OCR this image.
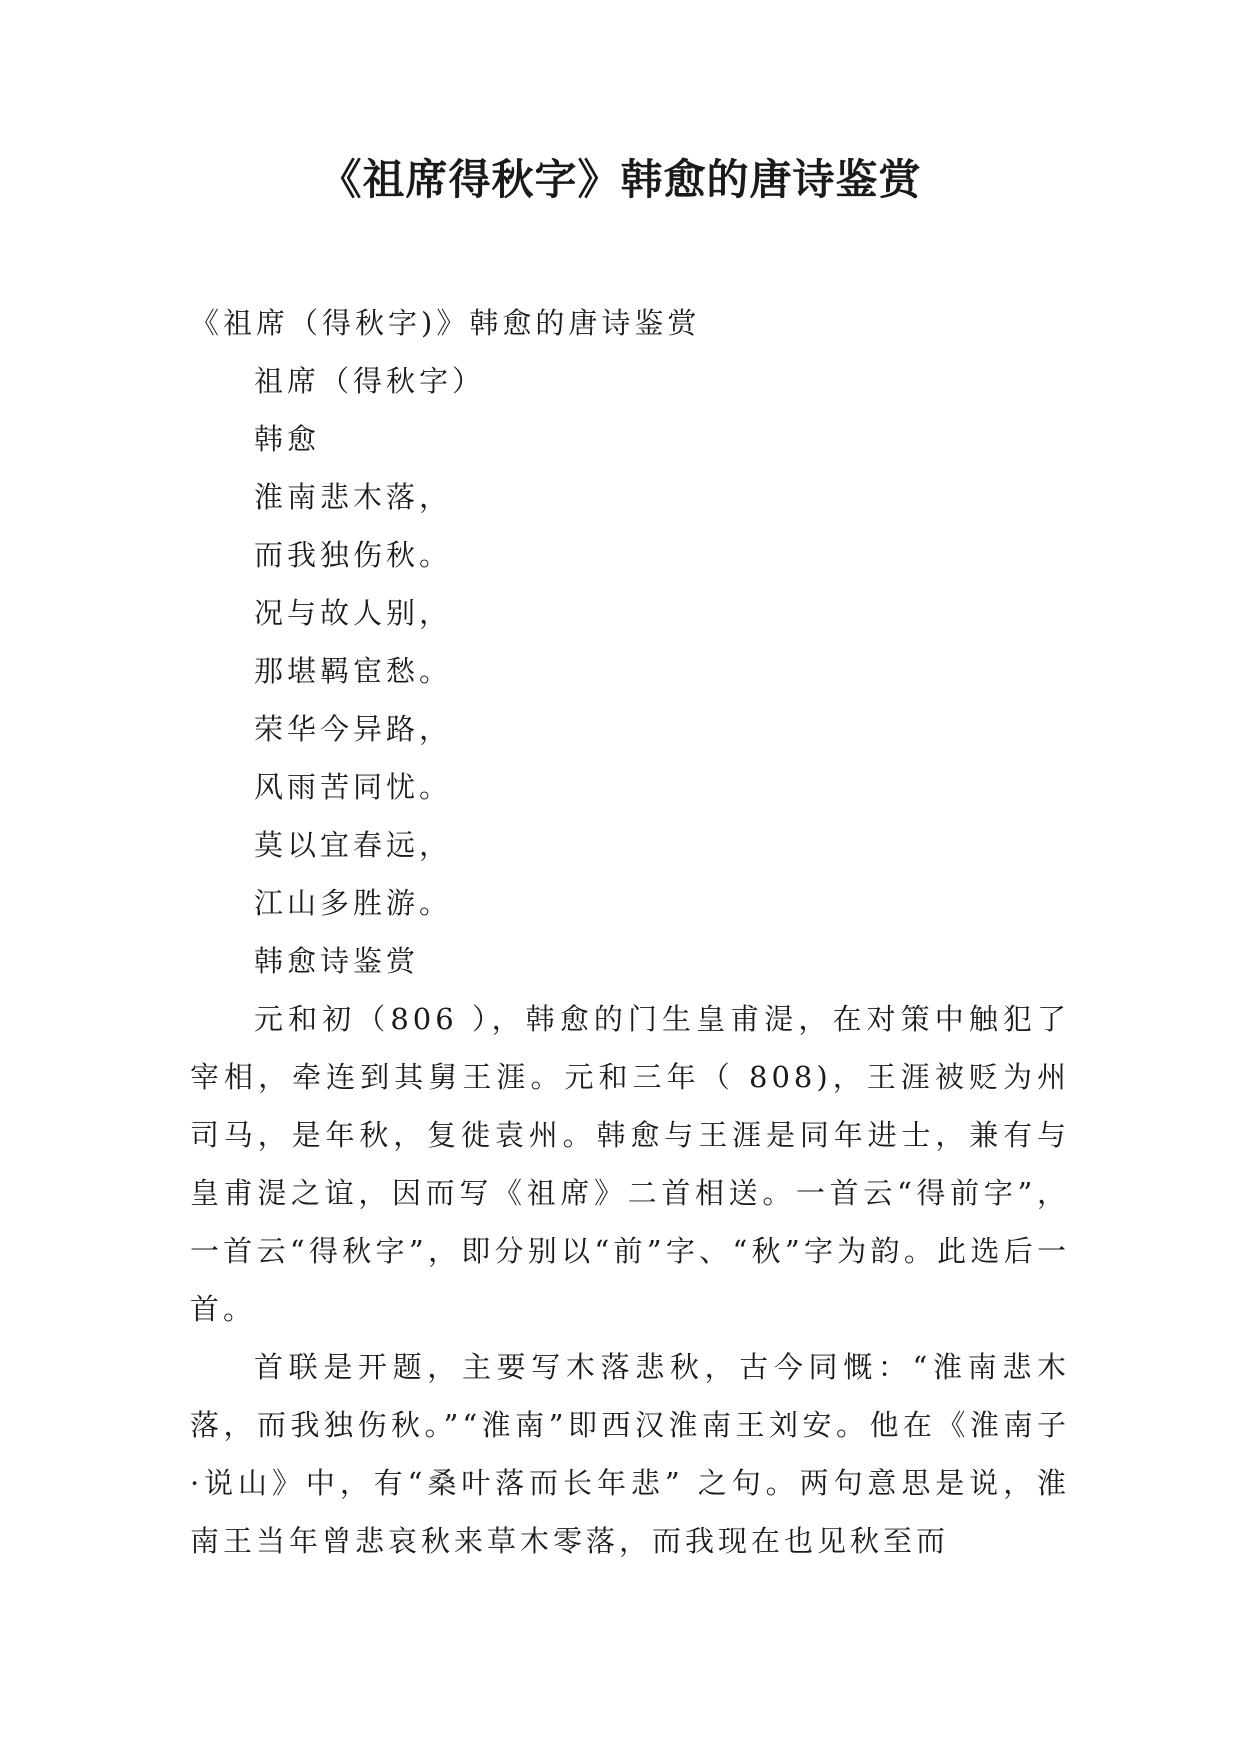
《祖席得秋字》韩愈的唐诗鉴赏

《祖席（得秋字)》韩愈的唐诗鉴赏

祖席（得秋字）

韩愈

淮南悲木落，

而我独伤秋。

况与故人别，

那堪羁宦愁。

荣华今异路，

风雨苦同忧。

莫以宜春远，

江山多胜游。

韩愈诗鉴赏

元和初（806 ），韩愈的门生皇甫湜，在对策中触犯了宰相，牵连到其舅王涯。元和三年（ 808)，王涯被贬为州司马，是年秋，复徙袁州。韩愈与王涯是同年进士，兼有与皇甫湜之谊，因而写《祖席》二首相送。一首云“得前字”，一首云“得秋字”，即分别以“前”字、“秋”字为韵。此选后一首。

首联是开题，主要写木落悲秋，古今同慨：“淮南悲木落，而我独伤秋。”“淮南”即西汉淮南王刘安。他在《淮南子·说山》中，有“桑叶落而长年悲” 之句。两句意思是说，淮南王当年曾悲哀秋来草木零落，而我现在也见秋至而
